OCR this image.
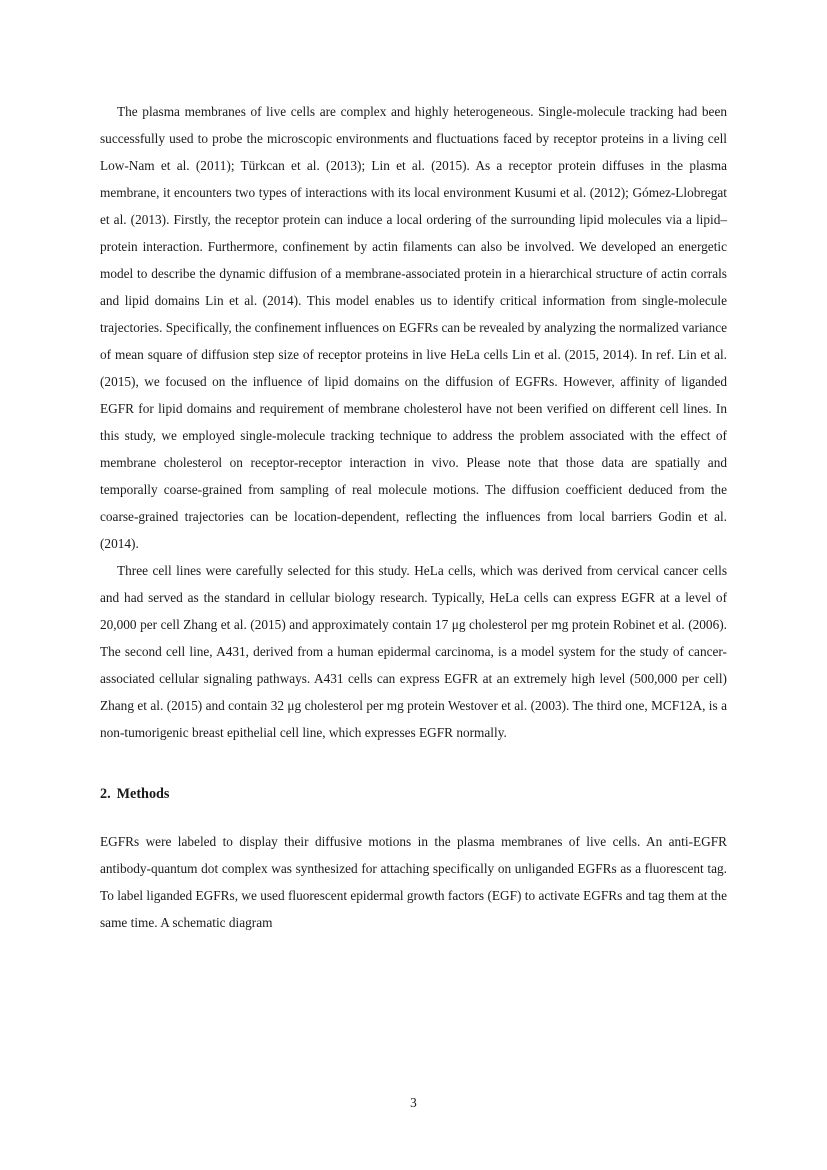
The plasma membranes of live cells are complex and highly heterogeneous. Single-molecule tracking had been successfully used to probe the microscopic environments and fluctuations faced by receptor proteins in a living cell Low-Nam et al. (2011); Türkcan et al. (2013); Lin et al. (2015). As a receptor protein diffuses in the plasma membrane, it encounters two types of interactions with its local environment Kusumi et al. (2012); Gómez-Llobregat et al. (2013). Firstly, the receptor protein can induce a local ordering of the surrounding lipid molecules via a lipid–protein interaction. Furthermore, confinement by actin filaments can also be involved. We developed an energetic model to describe the dynamic diffusion of a membrane-associated protein in a hierarchical structure of actin corrals and lipid domains Lin et al. (2014). This model enables us to identify critical information from single-molecule trajectories. Specifically, the confinement influences on EGFRs can be revealed by analyzing the normalized variance of mean square of diffusion step size of receptor proteins in live HeLa cells Lin et al. (2015, 2014). In ref. Lin et al. (2015), we focused on the influence of lipid domains on the diffusion of EGFRs. However, affinity of liganded EGFR for lipid domains and requirement of membrane cholesterol have not been verified on different cell lines. In this study, we employed single-molecule tracking technique to address the problem associated with the effect of membrane cholesterol on receptor-receptor interaction in vivo. Please note that those data are spatially and temporally coarse-grained from sampling of real molecule motions. The diffusion coefficient deduced from the coarse-grained trajectories can be location-dependent, reflecting the influences from local barriers Godin et al. (2014).

Three cell lines were carefully selected for this study. HeLa cells, which was derived from cervical cancer cells and had served as the standard in cellular biology research. Typically, HeLa cells can express EGFR at a level of 20,000 per cell Zhang et al. (2015) and approximately contain 17 μg cholesterol per mg protein Robinet et al. (2006). The second cell line, A431, derived from a human epidermal carcinoma, is a model system for the study of cancer-associated cellular signaling pathways. A431 cells can express EGFR at an extremely high level (500,000 per cell) Zhang et al. (2015) and contain 32 μg cholesterol per mg protein Westover et al. (2003). The third one, MCF12A, is a non-tumorigenic breast epithelial cell line, which expresses EGFR normally.

2. Methods

EGFRs were labeled to display their diffusive motions in the plasma membranes of live cells. An anti-EGFR antibody-quantum dot complex was synthesized for attaching specifically on unliganded EGFRs as a fluorescent tag. To label liganded EGFRs, we used fluorescent epidermal growth factors (EGF) to activate EGFRs and tag them at the same time. A schematic diagram

3
